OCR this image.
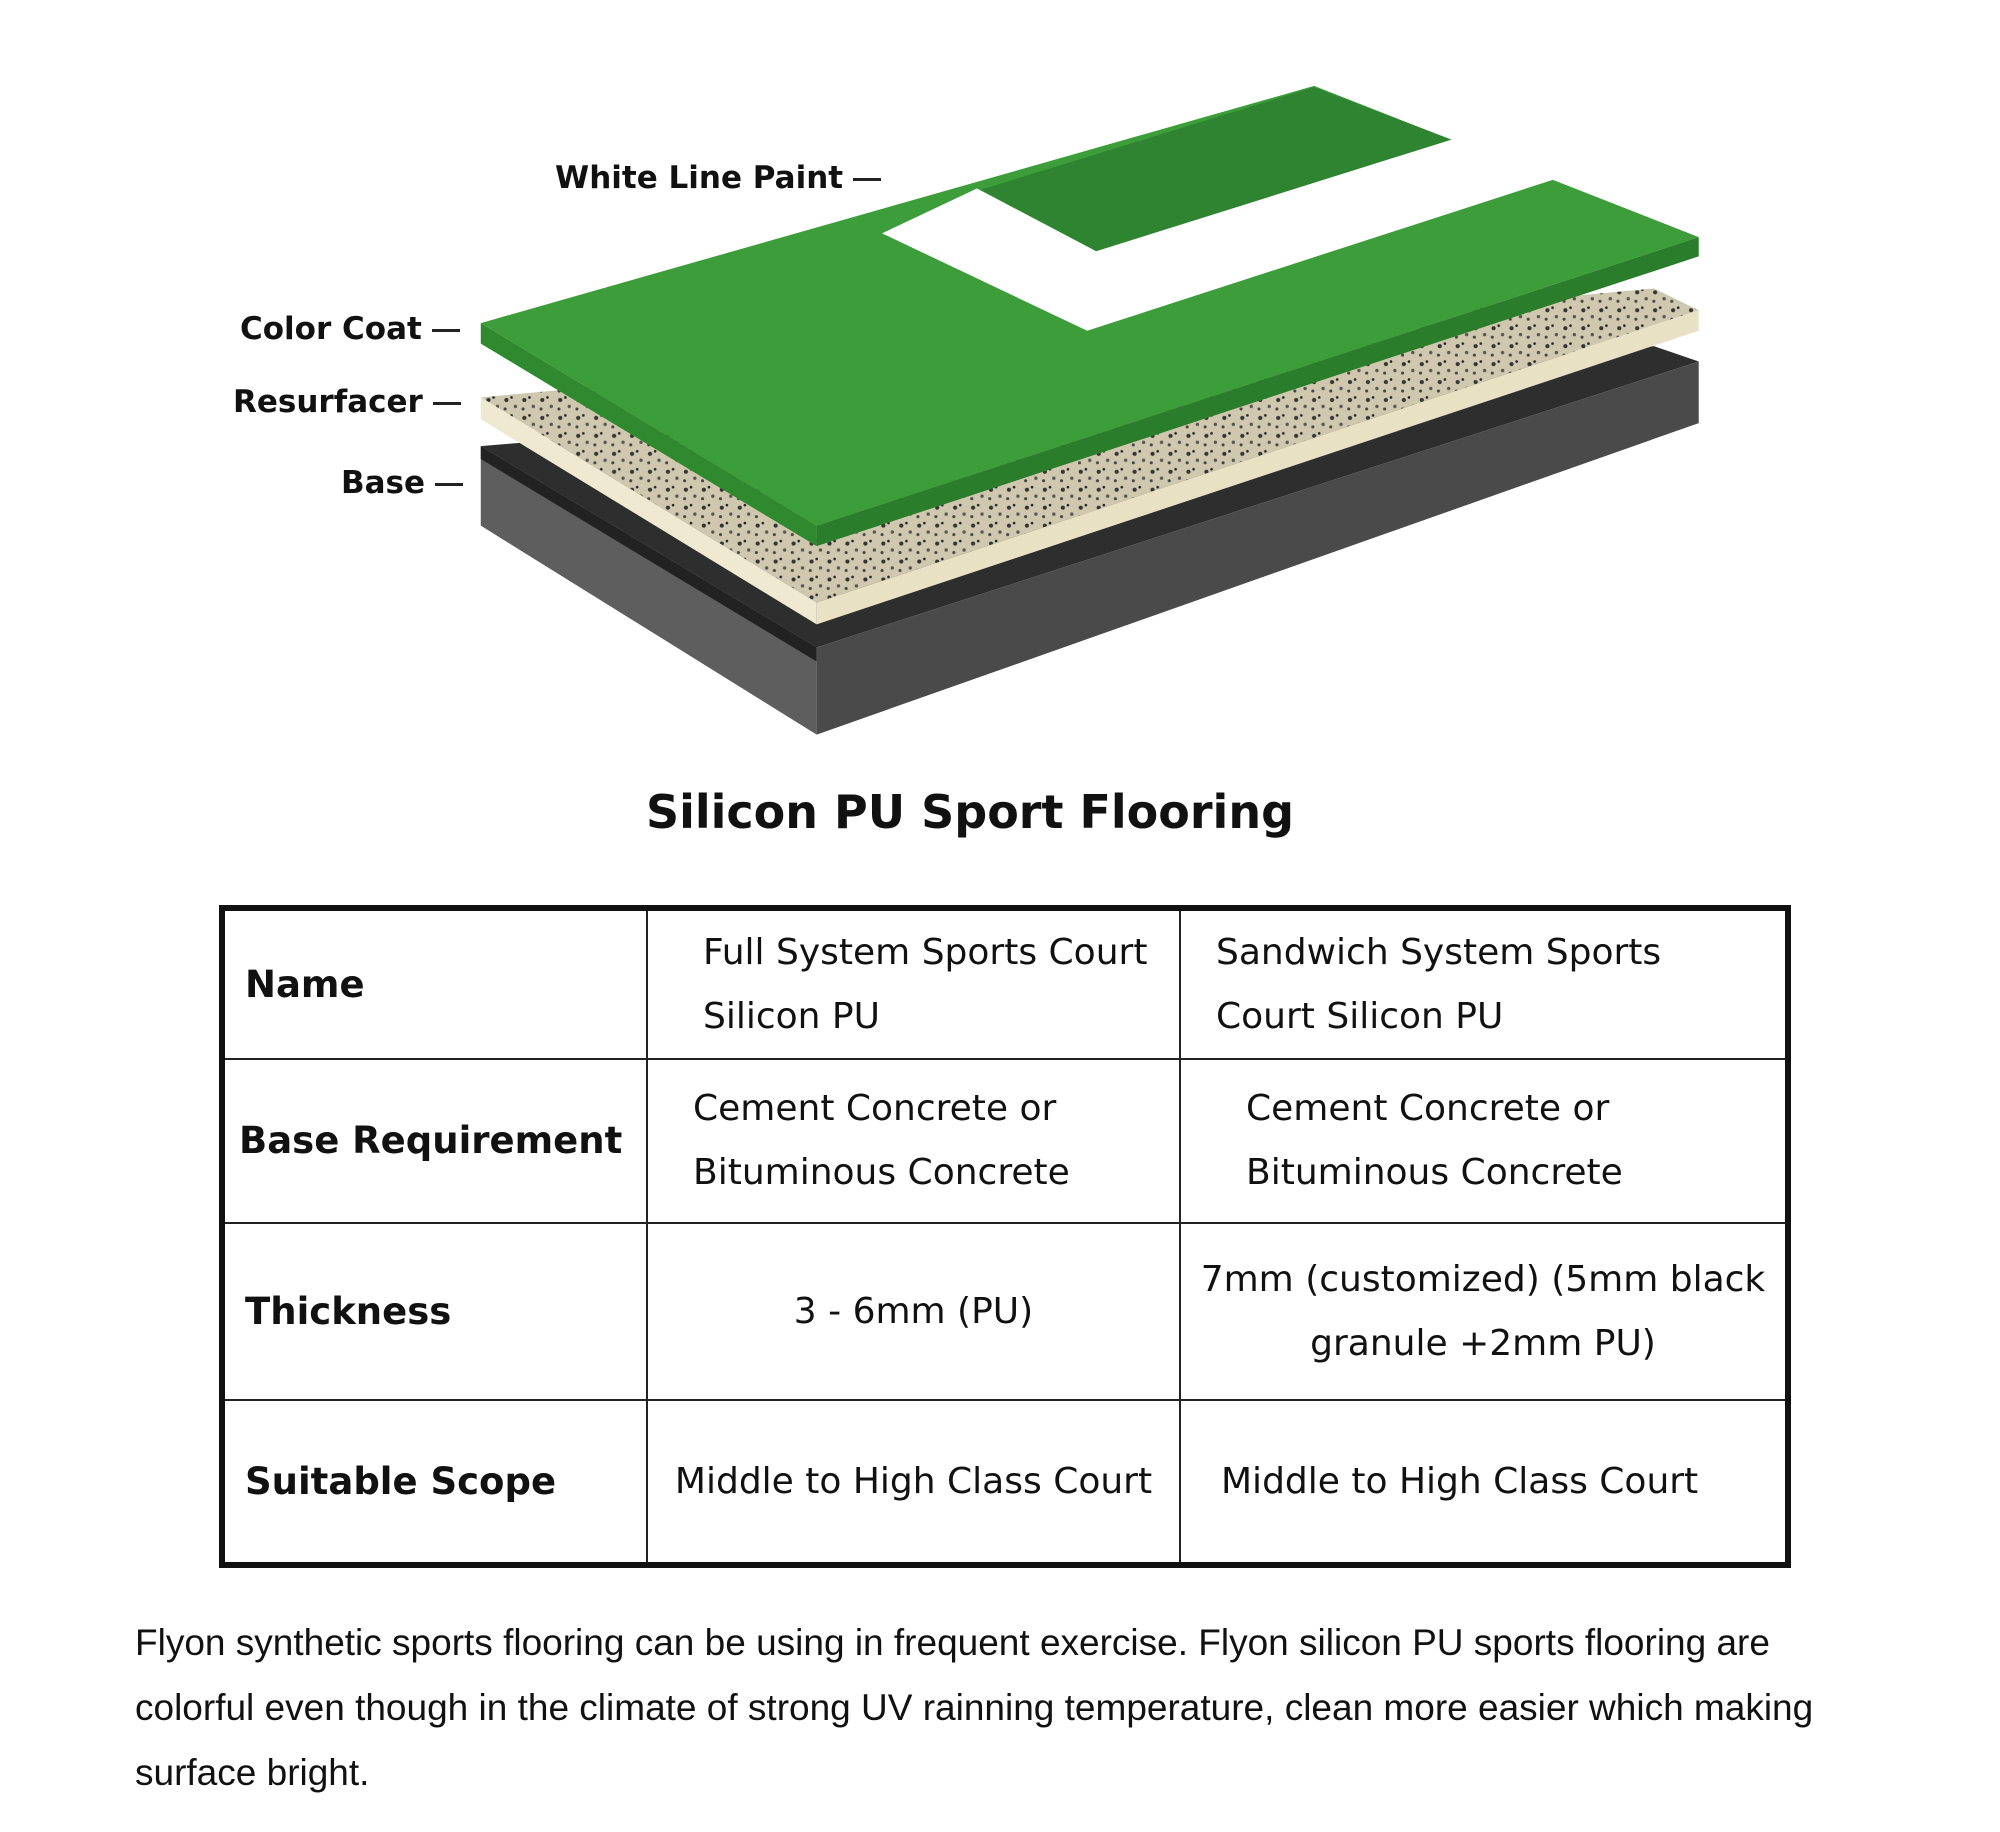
White Line Paint
Color Coat
Resurfacer
Base
Silicon PU Sport Flooring
Name	Full System Sports Court Silicon PU	Sandwich System Sports Court Silicon PU
Base Requirement	Cement Concrete or Bituminous Concrete	Cement Concrete or Bituminous Concrete
Thickness	3 - 6mm (PU)	7mm (customized) (5mm black granule +2mm PU)
Suitable Scope	Middle to High Class Court	Middle to High Class Court
Flyon synthetic sports flooring can be using in frequent exercise. Flyon silicon PU sports flooring are colorful even though in the climate of strong UV rainning temperature, clean more easier which making surface bright.
